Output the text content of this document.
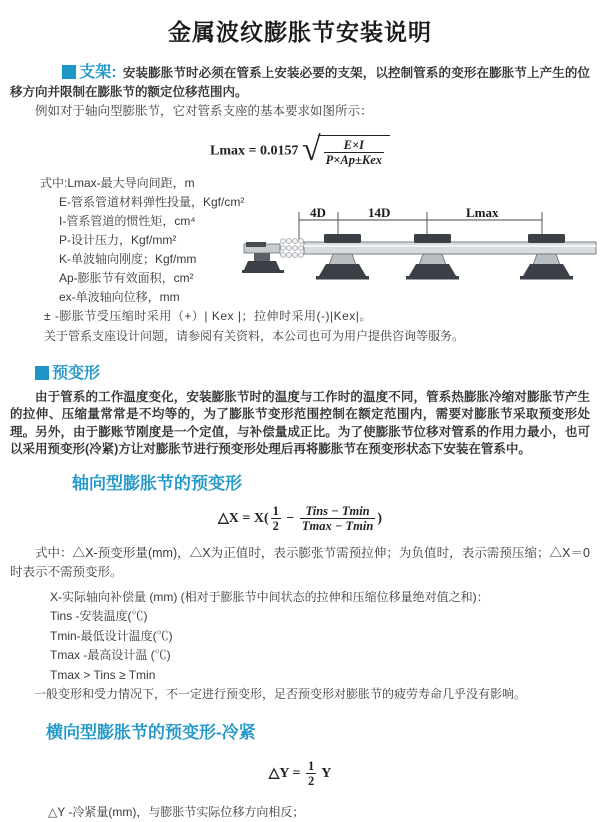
金属波纹膨胀节安装说明

支架: 安装膨胀节时必须在管系上安装必要的支架，以控制管系的变形在膨胀节上产生的位移方向并限制在膨胀节的额定位移范围内。

例如对于轴向型膨胀节，它对管系支座的基本要求如图所示：

Lmax = 0.0157 √ $\frac{E\times I}{\text{P×Ap±Kex}}$
式中:Lmax-最大导向间距，m
E-管系管道材料弹性投量，Kgf/cm²
I-管系管道的惯性矩，cm⁴
P-设计压力，Kgf/mm²
K-单波轴向刚度；Kgf/mm
Ap-膨胀节有效面积，cm²
ex-单波轴向位移，mm
± -膨胀节受压缩时采用（+）| Kex |；拉伸时采用(-)|Kex|。
关于管系支座设计问题，请参阅有关资料，本公司也可为用户提供咨询等服务。
4D	14D	Lmax
预变形

由于管系的工作温度变化，安装膨胀节时的温度与工作时的温度不同，管系热膨胀冷缩对膨胀节产生的拉伸、压缩量常常是不均等的，为了膨胀节变形范围控制在额定范围内，需要对膨胀节采取预变形处理。另外，由于膨账节刚度是一个定值，与补偿量成正比。为了使膨胀节位移对管系的作用力最小，也可以采用预变形(冷紧)方让对膨胀节进行预变形处理后再将膨胀节在预变形状态下安装在管系中。

轴向型膨胀节的预变形
△X = $X( \frac{1}{2} - \frac{\text{Tins − Tmin}}{Tmax - Tmin}$ )

式中：△X-预变形量(mm)，△X为正值时，表示膨张节需预拉伸；为负值时，表示需预压缩；△X＝0时表示不需预变形。

X-实际轴向补偿量 (mm) (相对于膨胀节中间状态的拉伸和压缩位移量绝对值之和)：
Tins -安装温度(℃)
Tmin-最低设计温度(℃)
Tmax -最高设计温 (℃)
Tmax > Tins ≥ Tmin

一般变形和受力情况下，不一定进行预变形，足否预变形对膨胀节的疲劳寿命几乎没有影响。

横向型膨胀节的预变形-冷紧
△Y = $\frac{1}{2}$ Y
△Y -冷紧量(mm)，与膨胀节实际位移方向相反；
